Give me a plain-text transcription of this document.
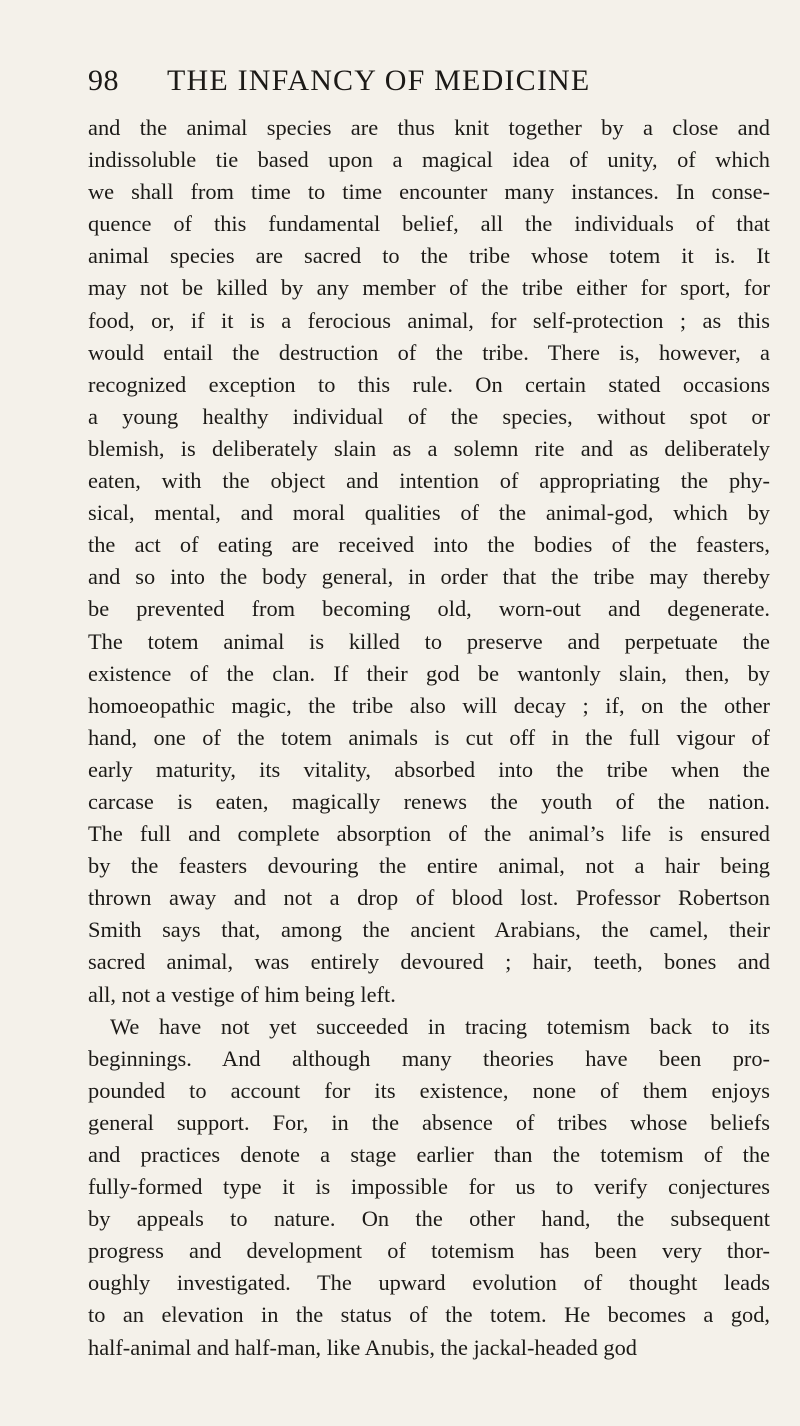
98 THE INFANCY OF MEDICINE
and the animal species are thus knit together by a close and
indissoluble tie based upon a magical idea of unity, of which
we shall from time to time encounter many instances. In conse-
quence of this fundamental belief, all the individuals of that
animal species are sacred to the tribe whose totem it is. It
may not be killed by any member of the tribe either for sport, for
food, or, if it is a ferocious animal, for self-protection ; as this
would entail the destruction of the tribe. There is, however, a
recognized exception to this rule. On certain stated occasions
a young healthy individual of the species, without spot or
blemish, is deliberately slain as a solemn rite and as deliberately
eaten, with the object and intention of appropriating the phy-
sical, mental, and moral qualities of the animal-god, which by
the act of eating are received into the bodies of the feasters,
and so into the body general, in order that the tribe may thereby
be prevented from becoming old, worn-out and degenerate.
The totem animal is killed to preserve and perpetuate the
existence of the clan. If their god be wantonly slain, then, by
homoeopathic magic, the tribe also will decay ; if, on the other
hand, one of the totem animals is cut off in the full vigour of
early maturity, its vitality, absorbed into the tribe when the
carcase is eaten, magically renews the youth of the nation.
The full and complete absorption of the animal’s life is ensured
by the feasters devouring the entire animal, not a hair being
thrown away and not a drop of blood lost. Professor Robertson
Smith says that, among the ancient Arabians, the camel, their
sacred animal, was entirely devoured ; hair, teeth, bones and
all, not a vestige of him being left.
We have not yet succeeded in tracing totemism back to its
beginnings. And although many theories have been pro-
pounded to account for its existence, none of them enjoys
general support. For, in the absence of tribes whose beliefs
and practices denote a stage earlier than the totemism of the
fully-formed type it is impossible for us to verify conjectures
by appeals to nature. On the other hand, the subsequent
progress and development of totemism has been very thor-
oughly investigated. The upward evolution of thought leads
to an elevation in the status of the totem. He becomes a god,
half-animal and half-man, like Anubis, the jackal-headed god
